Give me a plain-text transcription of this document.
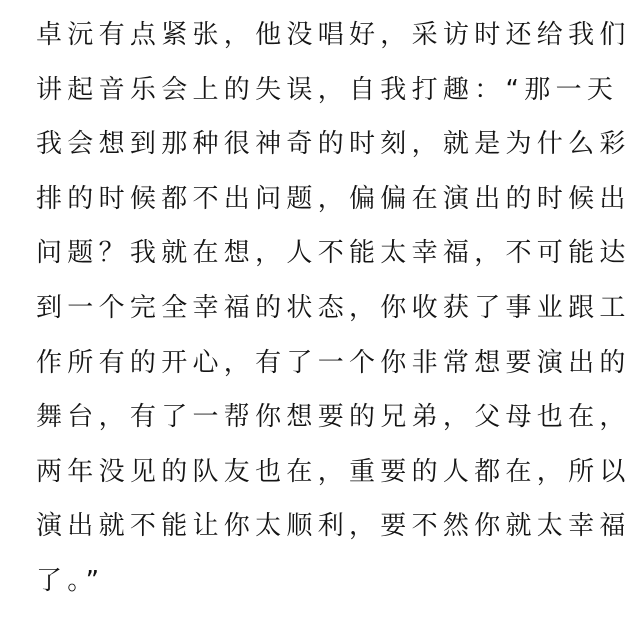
卓沅有点紧张，他没唱好，采访时还给我们
讲起音乐会上的失误，自我打趣：“那一天
我会想到那种很神奇的时刻，就是为什么彩
排的时候都不出问题，偏偏在演出的时候出
问题？我就在想，人不能太幸福，不可能达
到一个完全幸福的状态，你收获了事业跟工
作所有的开心，有了一个你非常想要演出的
舞台，有了一帮你想要的兄弟，父母也在，
两年没见的队友也在，重要的人都在，所以
演出就不能让你太顺利，要不然你就太幸福
了。”
